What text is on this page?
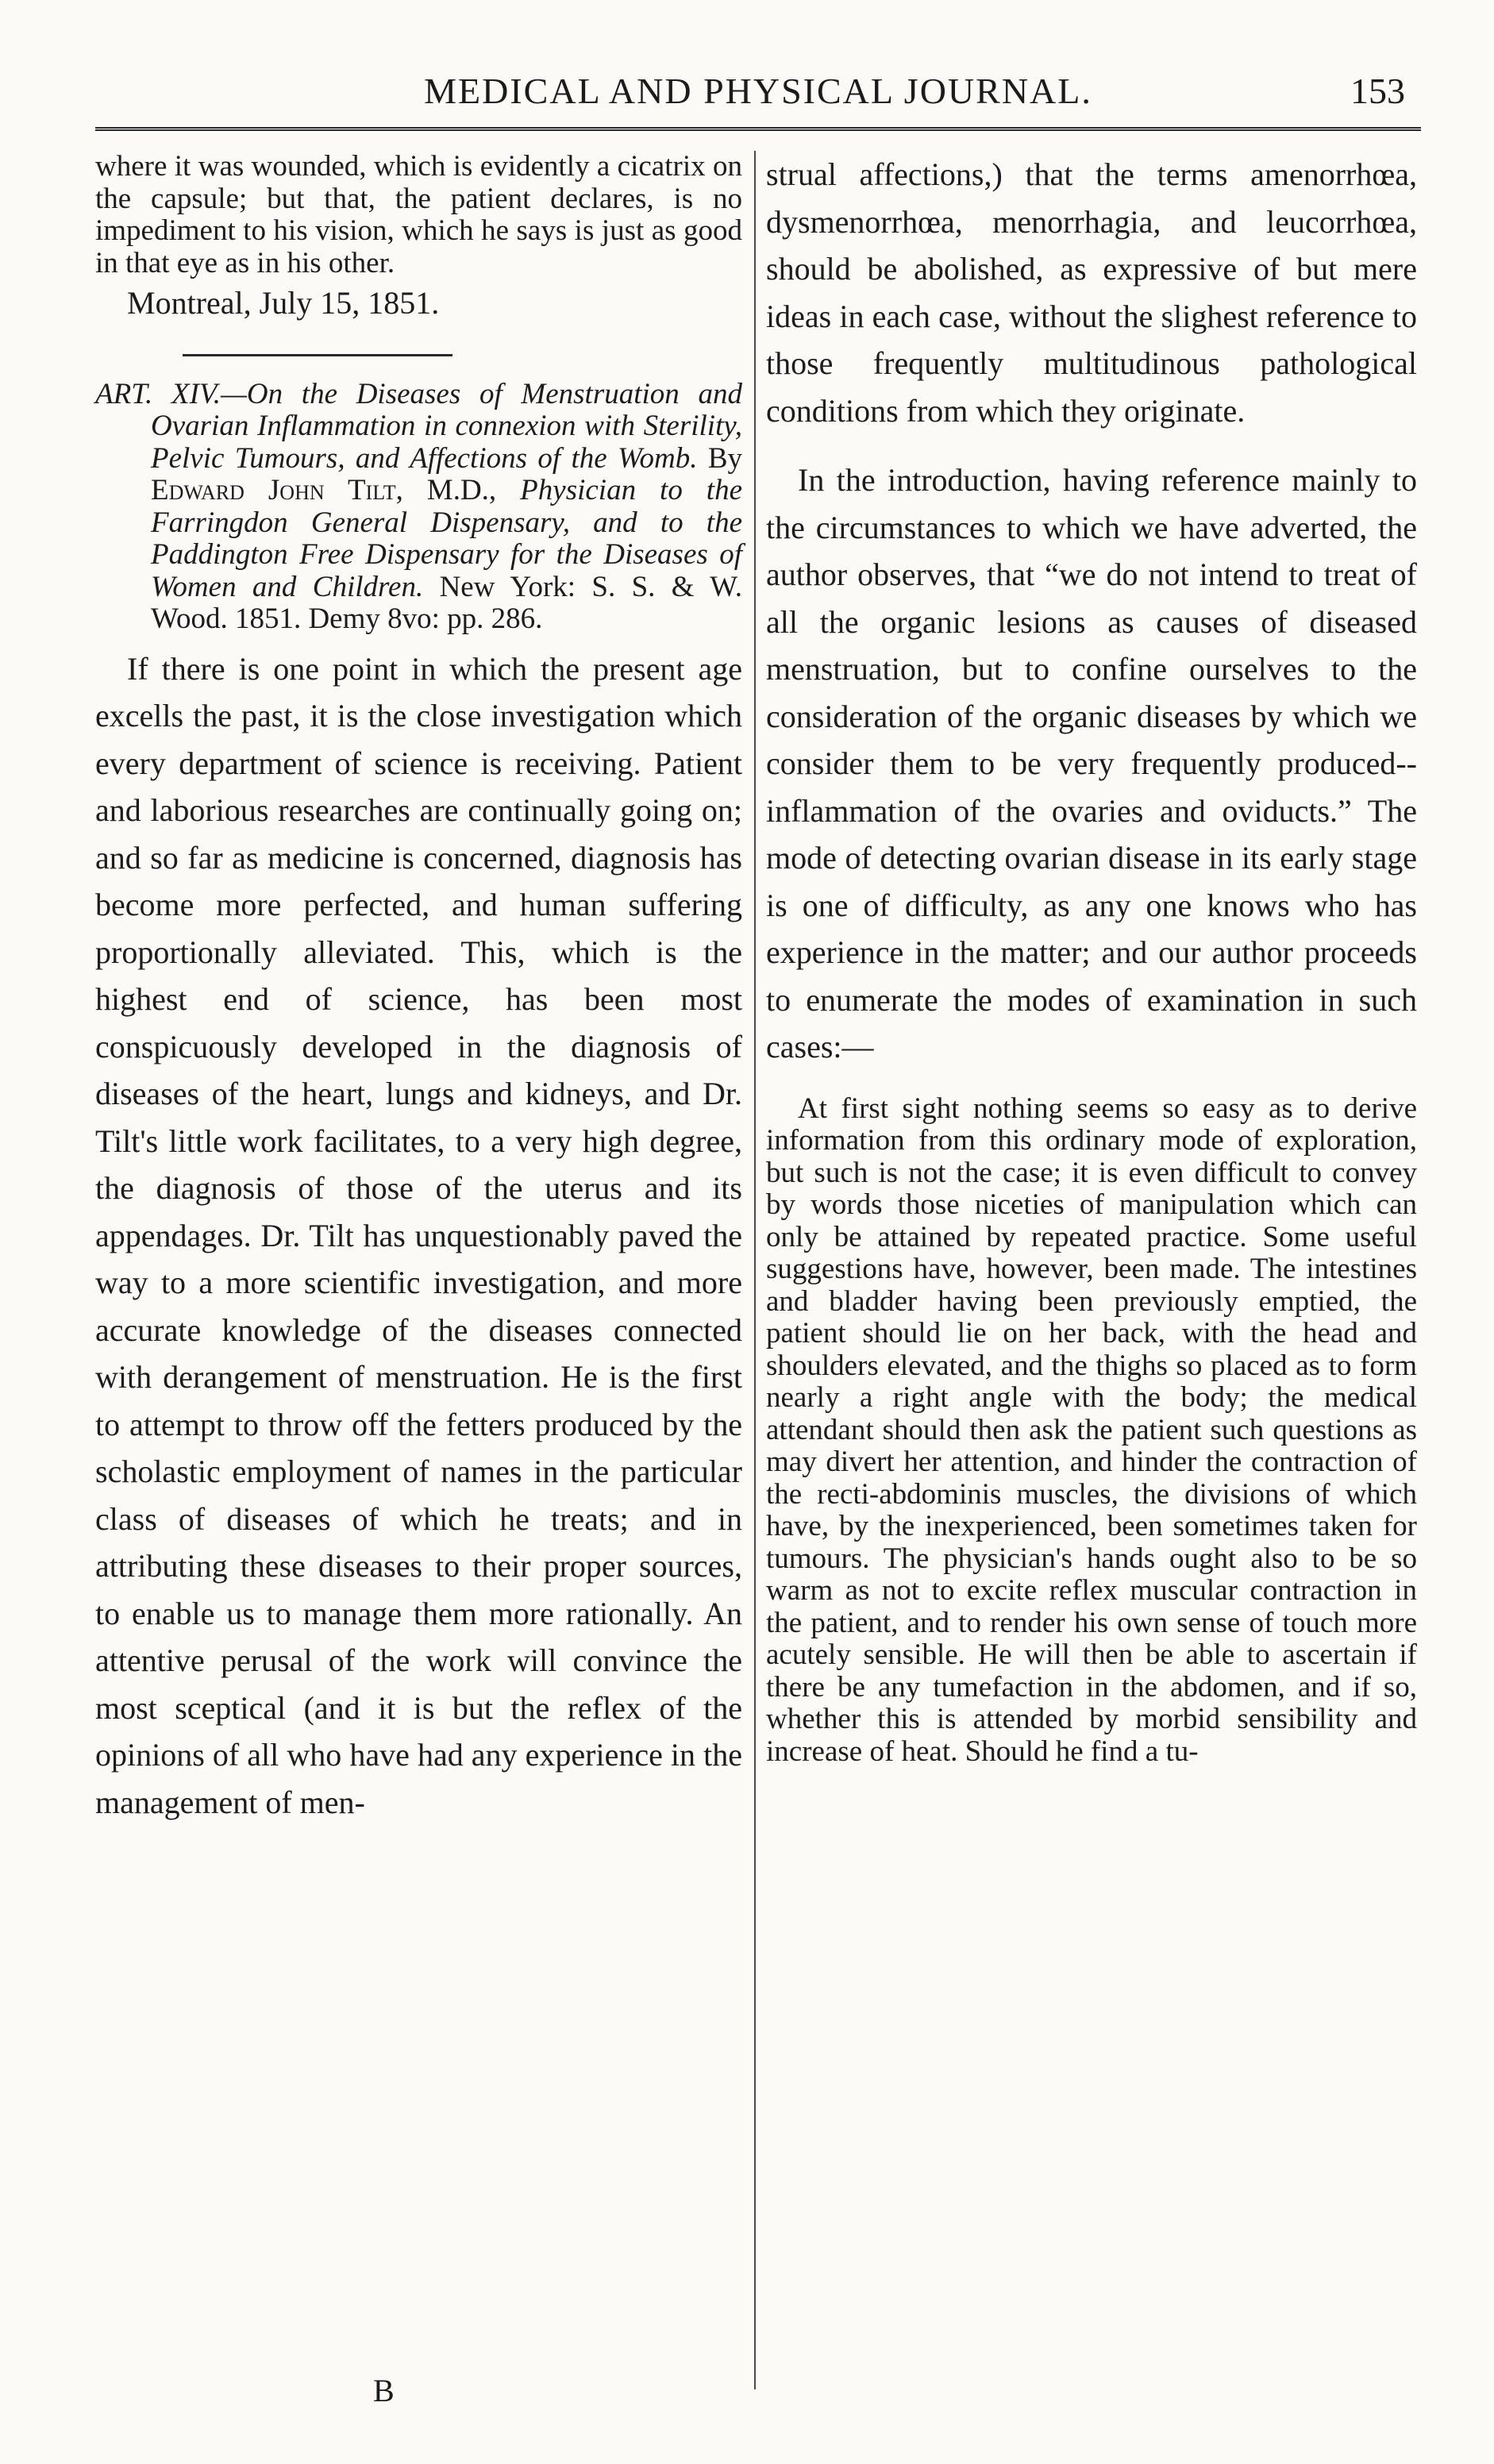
MEDICAL AND PHYSICAL JOURNAL.	153

where it was wounded, which is evidently a cicatrix on the capsule; but that, the patient declares, is no impediment to his vision, which he says is just as good in that eye as in his other.

Montreal, July 15, 1851.
ART. XIV.—On the Diseases of Menstruation and Ovarian Inflammation in connexion with Sterility, Pelvic Tumours, and Affections of the Womb. By Edward John Tilt, M.D., Physician to the Farringdon General Dispensary, and to the Paddington Free Dispensary for the Diseases of Women and Children. New York: S. S. & W. Wood. 1851. Demy 8vo: pp. 286.

If there is one point in which the present age excells the past, it is the close investigation which every department of science is receiving. Patient and laborious researches are continually going on; and so far as medicine is concerned, diagnosis has become more perfected, and human suffering proportionally alleviated. This, which is the highest end of science, has been most conspicuously developed in the diagnosis of diseases of the heart, lungs and kidneys, and Dr. Tilt's little work facilitates, to a very high degree, the diagnosis of those of the uterus and its appendages. Dr. Tilt has unquestionably paved the way to a more scientific investigation, and more accurate knowledge of the diseases connected with derangement of menstruation. He is the first to attempt to throw off the fetters produced by the scholastic employment of names in the particular class of diseases of which he treats; and in attributing these diseases to their proper sources, to enable us to manage them more rationally. An attentive perusal of the work will convince the most sceptical (and it is but the reflex of the opinions of all who have had any experience in the management of men-

strual affections,) that the terms amenorrhœa, dysmenorrhœa, menorrhagia, and leucorrhœa, should be abolished, as expressive of but mere ideas in each case, without the slighest reference to those frequently multitudinous pathological conditions from which they originate.

In the introduction, having reference mainly to the circumstances to which we have adverted, the author observes, that “we do not intend to treat of all the organic lesions as causes of diseased menstruation, but to confine ourselves to the consideration of the organic diseases by which we consider them to be very frequently produced--inflammation of the ovaries and oviducts.” The mode of detecting ovarian disease in its early stage is one of difficulty, as any one knows who has experience in the matter; and our author proceeds to enumerate the modes of examination in such cases:—

At first sight nothing seems so easy as to derive information from this ordinary mode of exploration, but such is not the case; it is even difficult to convey by words those niceties of manipulation which can only be attained by repeated practice. Some useful suggestions have, however, been made. The intestines and bladder having been previously emptied, the patient should lie on her back, with the head and shoulders elevated, and the thighs so placed as to form nearly a right angle with the body; the medical attendant should then ask the patient such questions as may divert her attention, and hinder the contraction of the recti-abdominis muscles, the divisions of which have, by the inexperienced, been sometimes taken for tumours. The physician's hands ought also to be so warm as not to excite reflex muscular contraction in the patient, and to render his own sense of touch more acutely sensible. He will then be able to ascertain if there be any tumefaction in the abdomen, and if so, whether this is attended by morbid sensibility and increase of heat. Should he find a tu-

B
